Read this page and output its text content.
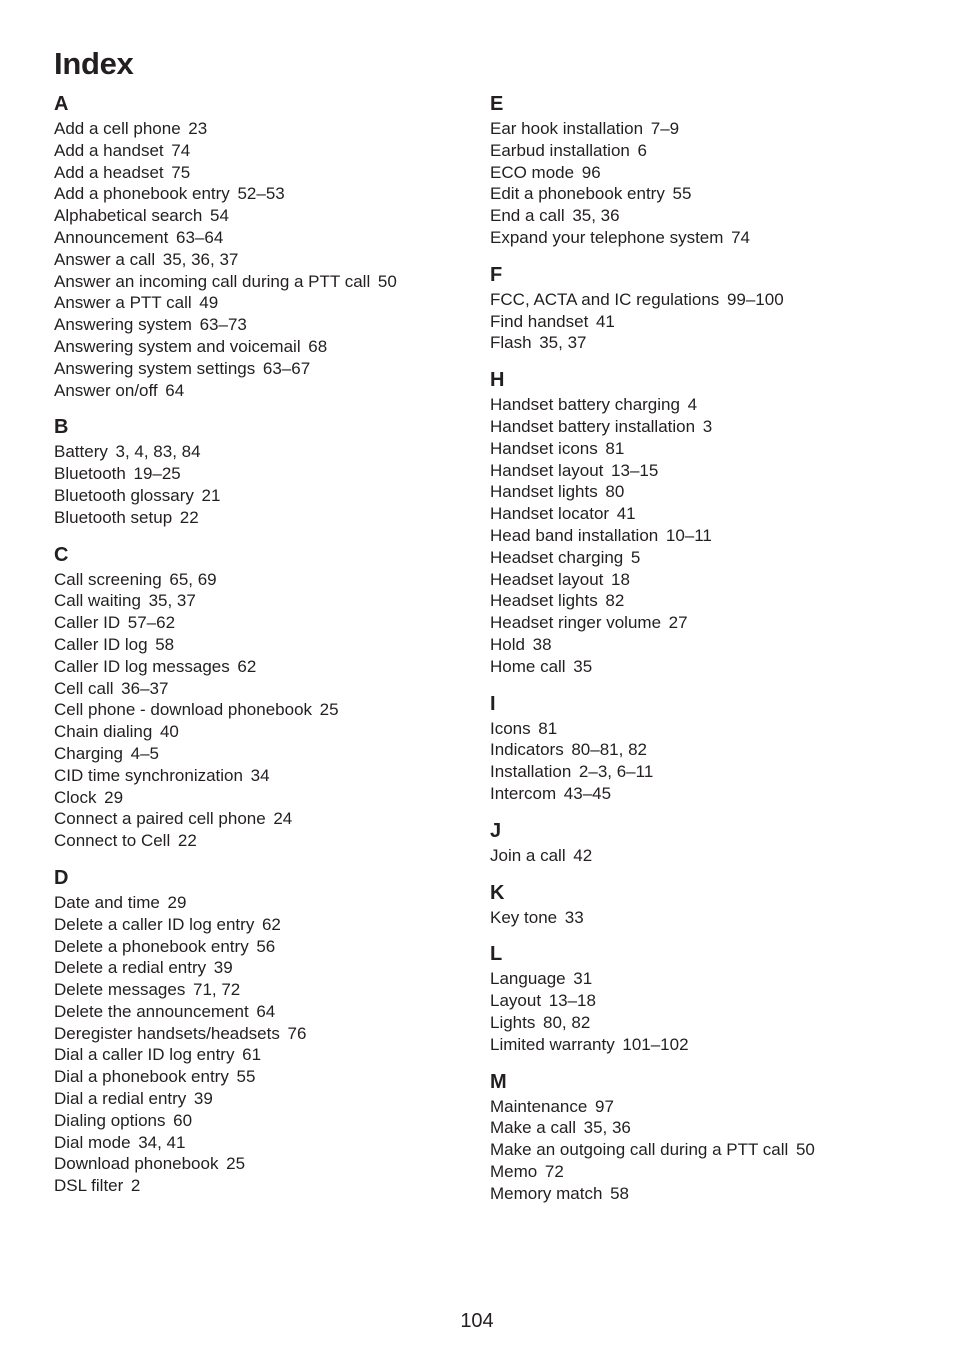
Index
A
Add a cell phone 23
Add a handset 74
Add a headset 75
Add a phonebook entry 52–53
Alphabetical search 54
Announcement 63–64
Answer a call 35, 36, 37
Answer an incoming call during a PTT call 50
Answer a PTT call 49
Answering system 63–73
Answering system and voicemail 68
Answering system settings 63–67
Answer on/off 64
B
Battery 3, 4, 83, 84
Bluetooth 19–25
Bluetooth glossary 21
Bluetooth setup 22
C
Call screening 65, 69
Call waiting 35, 37
Caller ID 57–62
Caller ID log 58
Caller ID log messages 62
Cell call 36–37
Cell phone - download phonebook 25
Chain dialing 40
Charging 4–5
CID time synchronization 34
Clock 29
Connect a paired cell phone 24
Connect to Cell 22
D
Date and time 29
Delete a caller ID log entry 62
Delete a phonebook entry 56
Delete a redial entry 39
Delete messages 71, 72
Delete the announcement 64
Deregister handsets/headsets 76
Dial a caller ID log entry 61
Dial a phonebook entry 55
Dial a redial entry 39
Dialing options 60
Dial mode 34, 41
Download phonebook 25
DSL filter 2
E
Ear hook installation 7–9
Earbud installation 6
ECO mode 96
Edit a phonebook entry 55
End a call 35, 36
Expand your telephone system 74
F
FCC, ACTA and IC regulations 99–100
Find handset 41
Flash 35, 37
H
Handset battery charging 4
Handset battery installation 3
Handset icons 81
Handset layout 13–15
Handset lights 80
Handset locator 41
Head band installation 10–11
Headset charging 5
Headset layout 18
Headset lights 82
Headset ringer volume 27
Hold 38
Home call 35
I
Icons 81
Indicators 80–81, 82
Installation 2–3, 6–11
Intercom 43–45
J
Join a call 42
K
Key tone 33
L
Language 31
Layout 13–18
Lights 80, 82
Limited warranty 101–102
M
Maintenance 97
Make a call 35, 36
Make an outgoing call during a PTT call 50
Memo 72
Memory match 58
104
